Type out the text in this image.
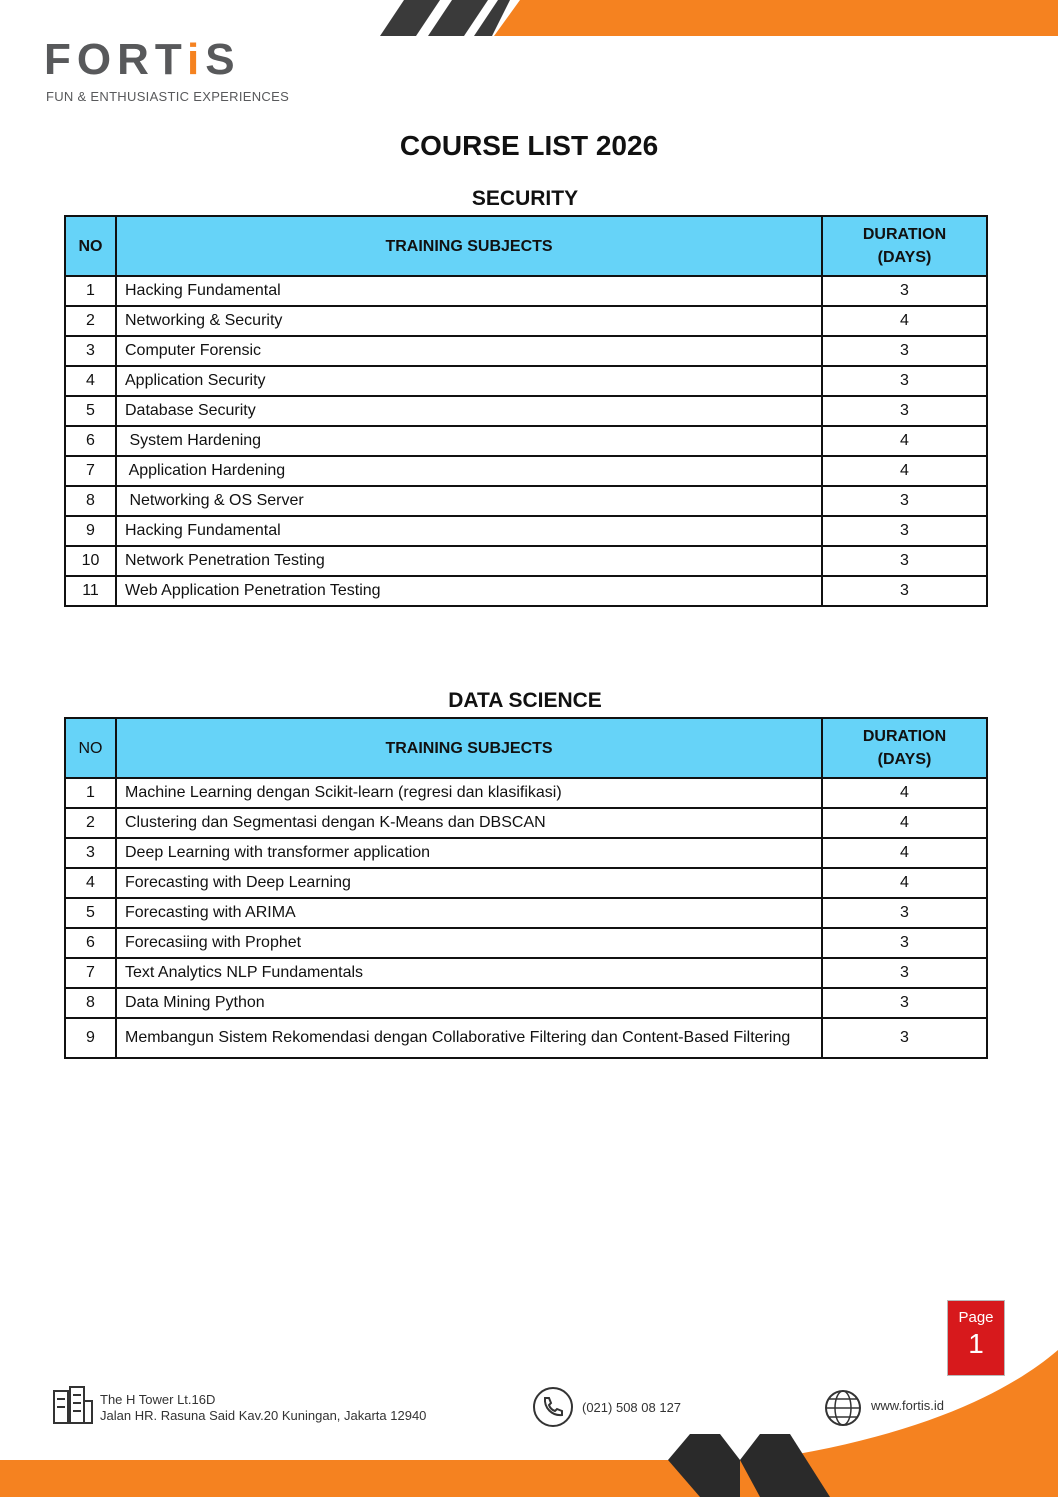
FORTiS
FUN & ENTHUSIASTIC EXPERIENCES
COURSE LIST 2026
SECURITY
NO	TRAINING SUBJECTS	DURATION
(DAYS)
1	Hacking Fundamental	3
2	Networking & Security	4
3	Computer Forensic	3
4	Application Security	3
5	Database Security	3
6	System Hardening	4
7	Application Hardening	4
8	Networking & OS Server	3
9	Hacking Fundamental	3
10	Network Penetration Testing	3
11	Web Application Penetration Testing	3
DATA SCIENCE
NO	TRAINING SUBJECTS	DURATION
(DAYS)
1	Machine Learning dengan Scikit-learn (regresi dan klasifikasi)	4
2	Clustering dan Segmentasi dengan K-Means dan DBSCAN	4
3	Deep Learning with transformer application	4
4	Forecasting with Deep Learning	4
5	Forecasting with ARIMA	3
6	Forecasiing with Prophet	3
7	Text Analytics NLP Fundamentals	3
8	Data Mining Python	3
9	Membangun Sistem Rekomendasi dengan Collaborative Filtering dan Content-Based Filtering	3
Page
1
The H Tower Lt.16D
Jalan HR. Rasuna Said Kav.20 Kuningan, Jakarta 12940
(021) 508 08 127	www.fortis.id
